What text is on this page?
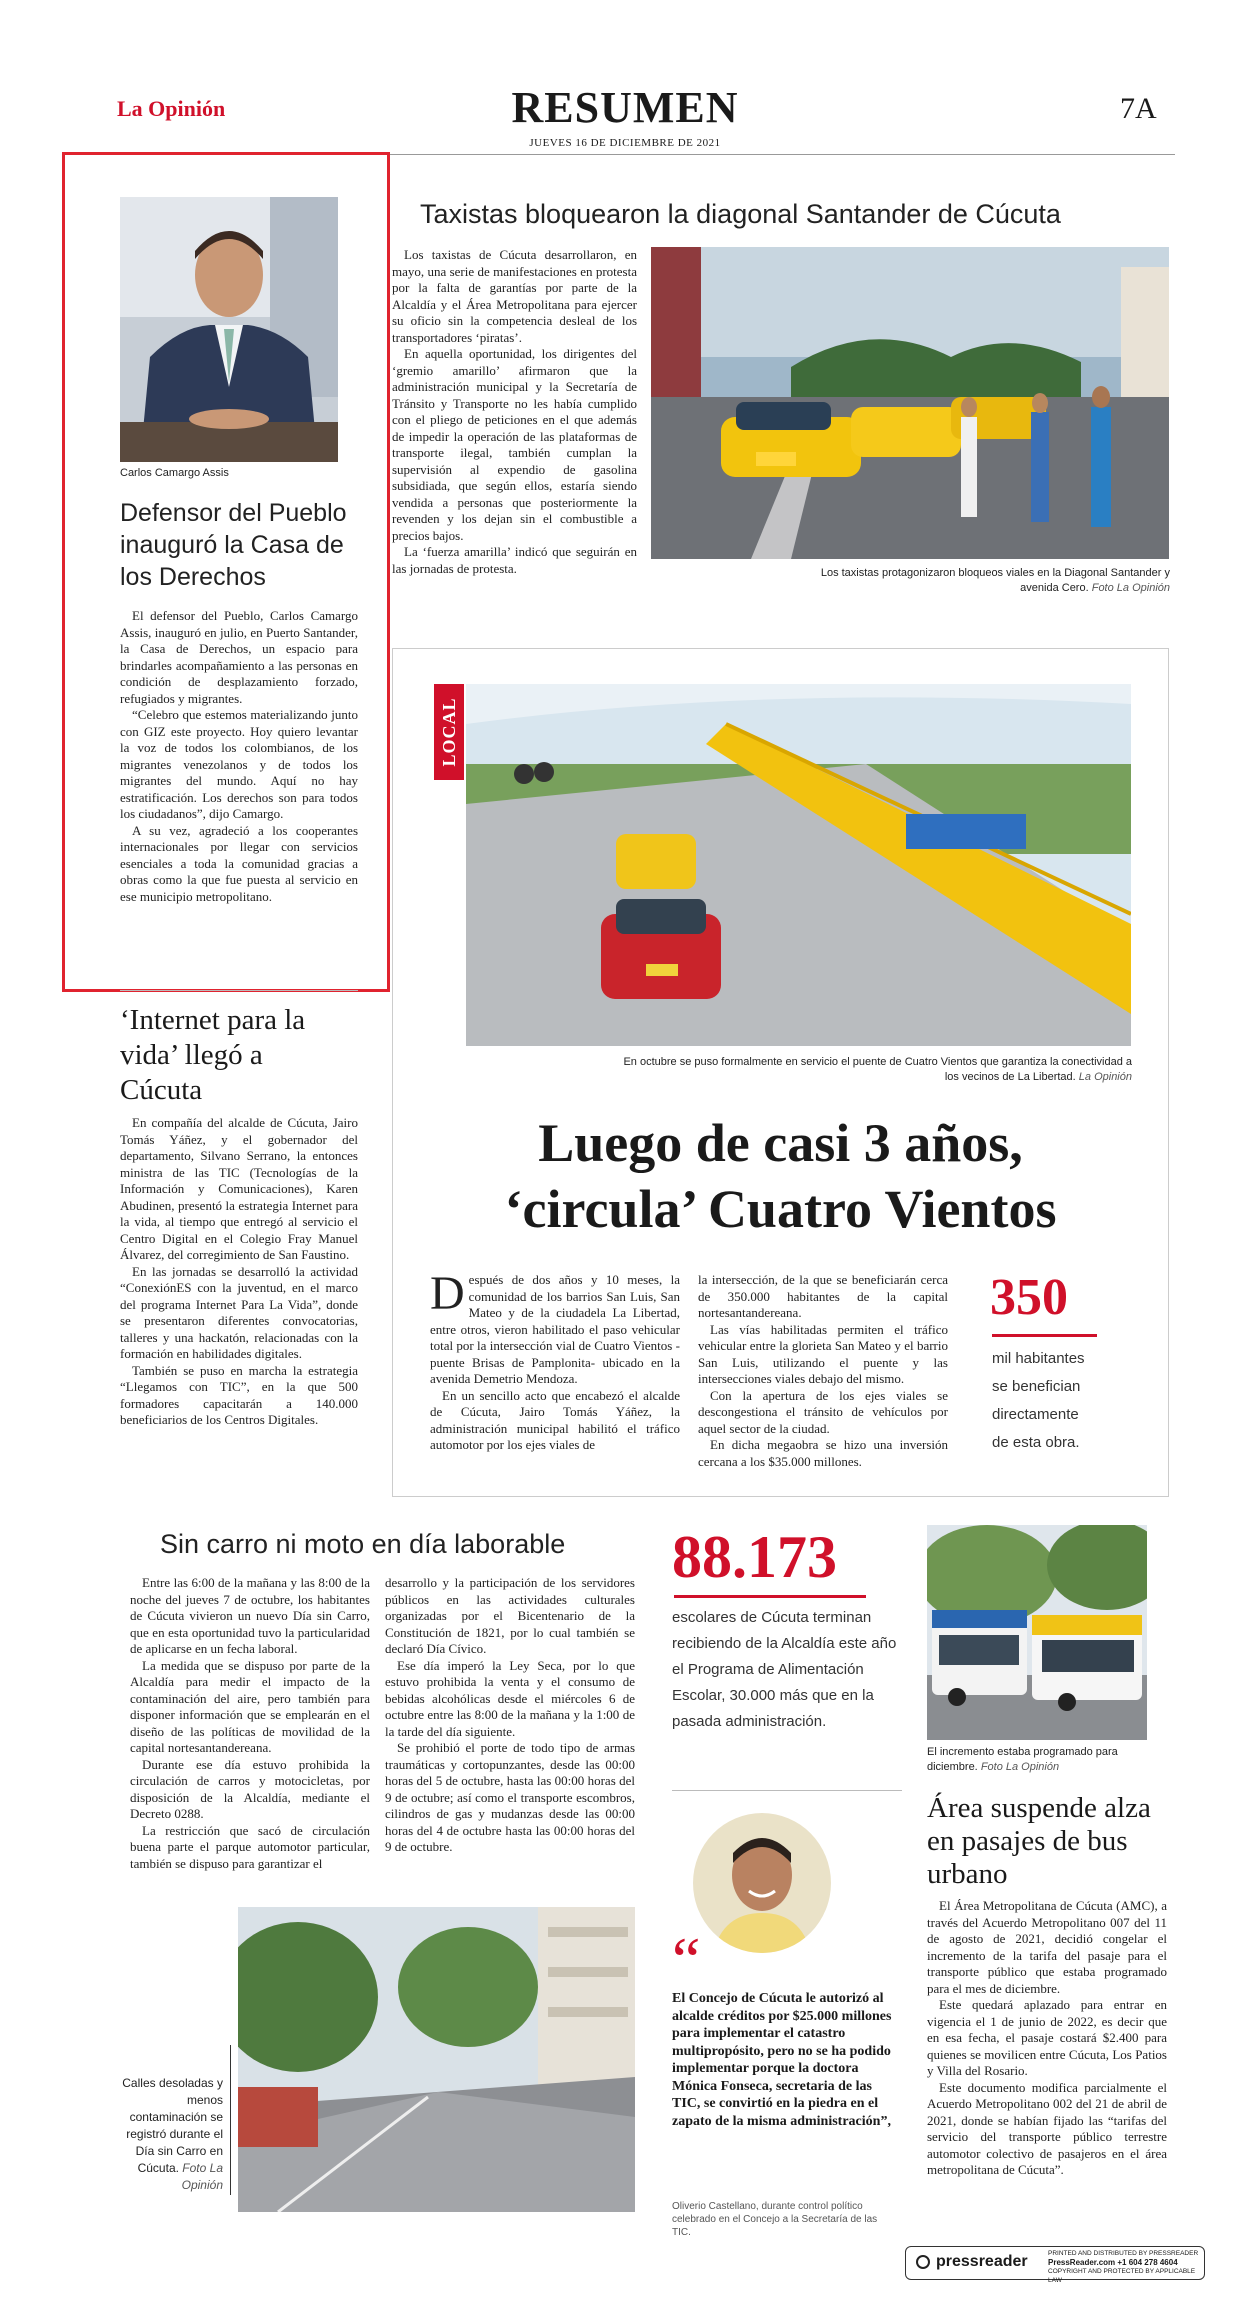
La Opinión	RESUMEN
JUEVES 16 DE DICIEMBRE DE 2021
7A
Carlos Camargo Assis
Defensor del Pueblo inauguró la Casa de los Derechos

El defensor del Pueblo, Carlos Camargo Assis, inauguró en julio, en Puerto Santander, la Casa de Derechos, un espacio para brindarles acompañamiento a las personas en condición de desplazamiento forzado, refugiados y migrantes.

“Celebro que estemos materializando junto con GIZ este proyecto. Hoy quiero levantar la voz de todos los colombianos, de los migrantes venezolanos y de todos los migrantes del mundo. Aquí no hay estratificación. Los derechos son para todos los ciudadanos”, dijo Camargo.

A su vez, agradeció a los cooperantes internacionales por llegar con servicios esenciales a toda la comunidad gracias a obras como la que fue puesta al servicio en ese municipio metropolitano.

‘Internet para la vida’ llegó a Cúcuta

En compañía del alcalde de Cúcuta, Jairo Tomás Yáñez, y el gobernador del departamento, Silvano Serrano, la entonces ministra de las TIC (Tecnologías de la Información y Comunicaciones), Karen Abudinen, presentó la estrategia Internet para la vida, al tiempo que entregó al servicio el Centro Digital en el Colegio Fray Manuel Álvarez, del corregimiento de San Faustino.

En las jornadas se desarrolló la actividad “ConexiónES con la juventud, en el marco del programa Internet Para La Vida”, donde se presentaron diferentes convocatorias, talleres y una hackatón, relacionadas con la formación en habilidades digitales.

También se puso en marcha la estrategia “Llegamos con TIC”, en la que 500 formadores capacitarán a 140.000 beneficiarios de los Centros Digitales.

Taxistas bloquearon la diagonal Santander de Cúcuta

Los taxistas de Cúcuta desarrollaron, en mayo, una serie de manifestaciones en protesta por la falta de garantías por parte de la Alcaldía y el Área Metropolitana para ejercer su oficio sin la competencia desleal de los transportadores ‘piratas’.

En aquella oportunidad, los dirigentes del ‘gremio amarillo’ afirmaron que la administración municipal y la Secretaría de Tránsito y Transporte no les había cumplido con el pliego de peticiones en el que además de impedir la operación de las plataformas de transporte ilegal, también cumplan la supervisión al expendio de gasolina subsidiada, que según ellos, estaría siendo vendida a personas que posteriormente la revenden y los dejan sin el combustible a precios bajos.

La ‘fuerza amarilla’ indicó que seguirán en las jornadas de protesta.	Los taxistas protagonizaron bloqueos viales en la Diagonal Santander y avenida Cero. Foto La Opinión
LOCAL
En octubre se puso formalmente en servicio el puente de Cuatro Vientos que garantiza la conectividad a los vecinos de La Libertad. La Opinión
Luego de casi 3 años,
‘circula’ Cuatro Vientos

Después de dos años y 10 meses, la comunidad de los barrios San Luis, San Mateo y de la ciudadela La Libertad, entre otros, vieron habilitado el paso vehicular total por la intersección vial de Cuatro Vientos - puente Brisas de Pamplonita- ubicado en la avenida Demetrio Mendoza.

En un sencillo acto que encabezó el alcalde de Cúcuta, Jairo Tomás Yáñez, la administración municipal habilitó el tráfico automotor por los ejes viales de

la intersección, de la que se beneficiarán cerca de 350.000 habitantes de la capital nortesantandereana.

Las vías habilitadas permiten el tráfico vehicular entre la glorieta San Mateo y el barrio San Luis, utilizando el puente y las intersecciones viales debajo del mismo.

Con la apertura de los ejes viales se descongestiona el tránsito de vehículos por aquel sector de la ciudad.

En dicha megaobra se hizo una inversión cercana a los $35.000 millones.

350
mil habitantes
se benefician
directamente
de esta obra.
Sin carro ni moto en día laborable

Entre las 6:00 de la mañana y las 8:00 de la noche del jueves 7 de octubre, los habitantes de Cúcuta vivieron un nuevo Día sin Carro, que en esta oportunidad tuvo la particularidad de aplicarse en un fecha laboral.

La medida que se dispuso por parte de la Alcaldía para medir el impacto de la contaminación del aire, pero también para disponer información que se emplearán en el diseño de las políticas de movilidad de la capital nortesantandereana.

Durante ese día estuvo prohibida la circulación de carros y motocicletas, por disposición de la Alcaldía, mediante el Decreto 0288.

La restricción que sacó de circulación buena parte el parque automotor particular, también se dispuso para garantizar el

desarrollo y la participación de los servidores públicos en las actividades culturales organizadas por el Bicentenario de la Constitución de 1821, por lo cual también se declaró Día Cívico.

Ese día imperó la Ley Seca, por lo que estuvo prohibida la venta y el consumo de bebidas alcohólicas desde el miércoles 6 de octubre entre las 8:00 de la mañana y la 1:00 de la tarde del día siguiente.

Se prohibió el porte de todo tipo de armas traumáticas y cortopunzantes, desde las 00:00 horas del 5 de octubre, hasta las 00:00 horas del 9 de octubre; así como el transporte escombros, cilindros de gas y mudanzas desde las 00:00 horas del 4 de octubre hasta las 00:00 horas del 9 de octubre.

Calles desoladas y menos contaminación se registró durante el Día sin Carro en Cúcuta. Foto La Opinión
88.173
escolares de Cúcuta terminan recibiendo de la Alcaldía este año el Programa de Alimentación Escolar, 30.000 más que en la pasada administración.
“
El Concejo de Cúcuta le autorizó al alcalde créditos por $25.000 millones para implementar el catastro multipropósito, pero no se ha podido implementar porque la doctora Mónica Fonseca, secretaria de las TIC, se convirtió en la piedra en el zapato de la misma administración”,
Oliverio Castellano, durante control político celebrado en el Concejo a la Secretaría de las TIC.
El incremento estaba programado para diciembre. Foto La Opinión
Área suspende alza en pasajes de bus urbano

El Área Metropolitana de Cúcuta (AMC), a través del Acuerdo Metropolitano 007 del 11 de agosto de 2021, decidió congelar el incremento de la tarifa del pasaje para el transporte público que estaba programado para el mes de diciembre.

Este quedará aplazado para entrar en vigencia el 1 de junio de 2022, es decir que en esa fecha, el pasaje costará $2.400 para quienes se movilicen entre Cúcuta, Los Patios y Villa del Rosario.

Este documento modifica parcialmente el Acuerdo Metropolitano 002 del 21 de abril de 2021, donde se habían fijado las “tarifas del servicio del transporte público terrestre automotor colectivo de pasajeros en el área metropolitana de Cúcuta”.

pressreader	PRINTED AND DISTRIBUTED BY PRESSREADER
PressReader.com +1 604 278 4604
COPYRIGHT AND PROTECTED BY APPLICABLE LAW
